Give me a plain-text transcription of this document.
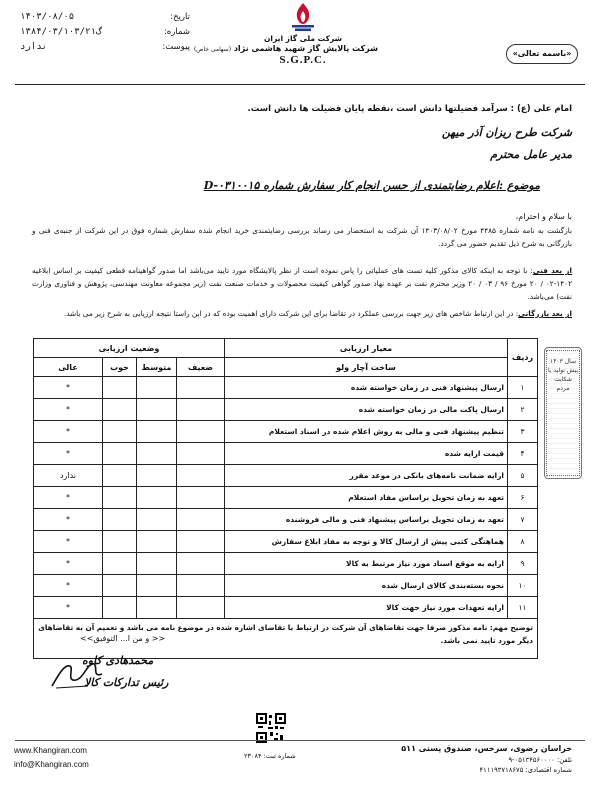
تاریخ:
۱۴۰۳/۰۸/۰۵
شماره:
۱۳۸۴/۰۳/۱۰۳/۲۱گ
پیوست:
ندارد
شرکت ملی گاز ایران
شرکت پالایش گاز شهید هاشمی نژاد (سهامی خاص)
S.G.P.C.
«باسمه تعالی»
امام علی (ع) : سرآمد فضیلتها دانش است ،نقطه پایان فضیلت ها دانش است.
شرکت طرح ریزان آذر میهن
مدیر عامل محترم
موضوع :اعلام رضایتمندی از حسن انجام کار سفارش شماره D-۰۳۱۰۰۱۵
با سلام و احترام،
بازگشت به نامه شماره ۴۴۸۵ مورخ ۱۴۰۳/۰۸/۰۲ آن شرکت به استحضار می رساند بررسی رضایتمندی خرید انجام شده سفارش شماره فوق در این شرکت از جنبه‌ی فنی و بازرگانی به شرح ذیل تقدیم حضور می گردد.
از بعد فنی: با توجه به اینکه کالای مذکور کلیه تست های عملیاتی را پاس نموده است از نظر پالایشگاه مورد تایید می‌باشد اما صدور گواهینامه قطعی کیفیت بر اساس ابلاغیه ۱۴۰۲-۰۲ / ۲۰ مورخ ۹۶ / ۰۳ / ۲۰ وزیر محترم نفت بر عهده نهاد صدور گواهی کیفیت محصولات و خدمات صنعت نفت (زیر مجموعه معاونت مهندسی، پژوهش و فناوری وزارت نفت) می‌باشد.
از بعد بازرگانی: در این ارتباط شاخص های زیر جهت بررسی عملکرد در تقاضا برای این شرکت دارای اهمیت بوده که در این راستا نتیجه ارزیابی به شرح زیر می باشد.
سال ۱۴۰۳ پیش تولید یا شکایت مردم
ردیف	معیار ارزیابی	وضعیت ارزیابی			
	ساخت آچار ولو	ضعیف	متوسط	خوب	عالی
۱	ارسال پیشنهاد فنی در زمان خواسته شده				*
۲	ارسال پاکت مالی در زمان خواسته شده				*
۳	تنظیم پیشنهاد فنی و مالی به روش اعلام شده در اسناد استعلام				*
۴	قیمت ارایه شده				*
۵	ارایه ضمانت نامه‌های بانکی در موعد مقرر				ندارد
۶	تعهد به زمان تحویل براساس مفاد استعلام				*
۷	تعهد به زمان تحویل براساس پیشنهاد فنی و مالی فروشنده				*
۸	هماهنگی کتبی پیش از ارسال کالا و توجه به مفاد ابلاغ سفارش				*
۹	ارایه به موقع اسناد مورد نیاز مرتبط به کالا				*
۱۰	نحوه بسته‌بندی کالای ارسال شده				*
۱۱	ارایه تعهدات مورد نیاز جهت کالا				*
توضیح مهم: نامه مذکور صرفا جهت تقاضاهای آن شرکت در ارتباط با تقاضای اشاره شده در موضوع نامه می باشد و تعمیم آن به تقاضاهای دیگر مورد تایید نمی باشد.					
<< و من ا... التوفیق>>
محمدهادی کاوه
رئیس تدارکات کالا
شماره ثبت: ۲۳۰۸۴
www.Khangiran.com
info@Khangiran.com
خراسان رضوی، سرخس، صندوق پستی ۵۱۱
تلفن: ۰۵۱۳۴۵۶۰۰۰۰-۹
شماره اقتصادی: ۴۱۱۱۹۳۷۱۸۶۷۵
